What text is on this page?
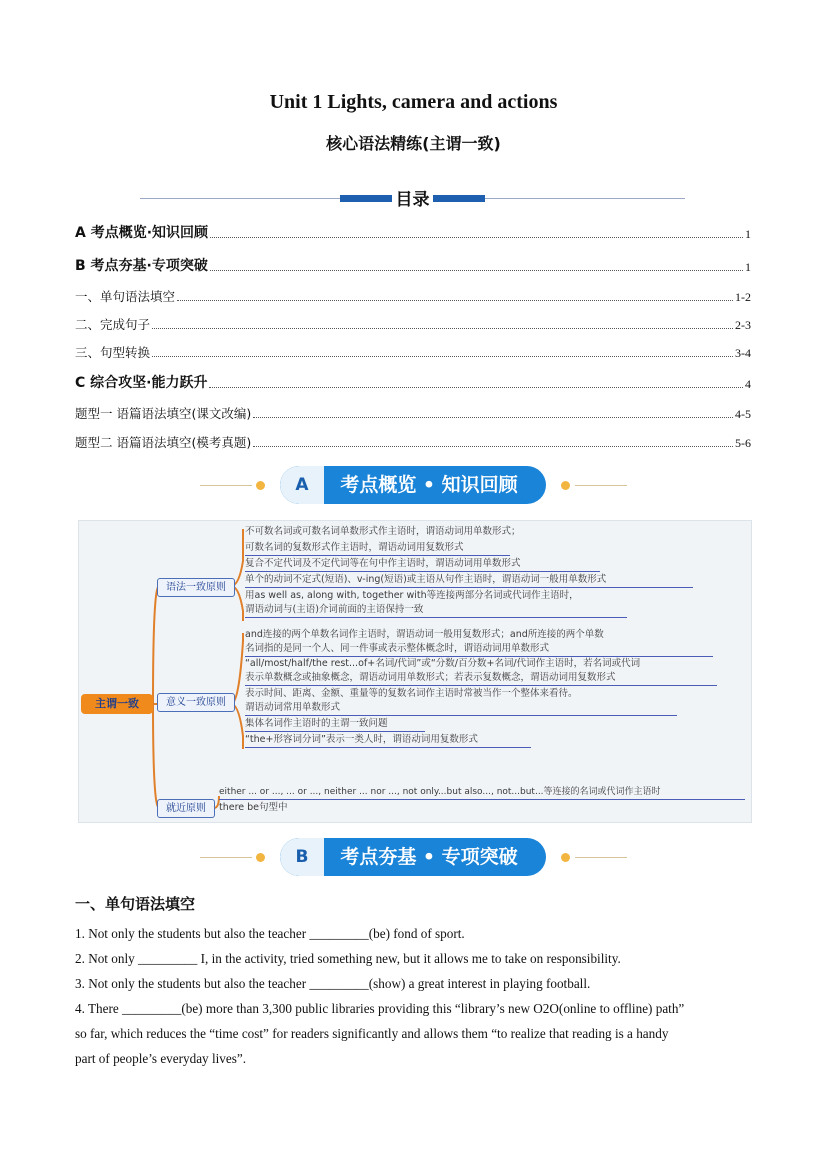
Unit 1 Lights, camera and actions
核心语法精练(主谓一致)
目录
A 考点概览·知识回顾	1
B 考点夯基·专项突破	1
一、单句语法填空	1-2
二、完成句子	2-3
三、句型转换	3-4
C 综合攻坚·能力跃升	4
题型一 语篇语法填空(课文改编)	4-5
题型二 语篇语法填空(模考真题)	5-6
A	考点概览 • 知识回顾
主谓一致
语法一致原则
意义一致原则
就近原则
不可数名词或可数名词单数形式作主语时，谓语动词用单数形式；
可数名词的复数形式作主语时，谓语动词用复数形式
复合不定代词及不定代词等在句中作主语时，谓语动词用单数形式
单个的动词不定式(短语)、v-ing(短语)或主语从句作主语时，谓语动词一般用单数形式
用as well as, along with, together with等连接两部分名词或代词作主语时，
谓语动词与(主语)介词前面的主语保持一致
and连接的两个单数名词作主语时，谓语动词一般用复数形式；and所连接的两个单数
名词指的是同一个人、同一件事或表示整体概念时，谓语动词用单数形式
“all/most/half/the rest...of+名词/代词”或“分数/百分数+名词/代词作主语时，若名词或代词
表示单数概念或抽象概念，谓语动词用单数形式；若表示复数概念，谓语动词用复数形式
表示时间、距离、金额、重量等的复数名词作主语时常被当作一个整体来看待。
谓语动词常用单数形式
集体名词作主语时的主谓一致问题
“the+形容词分词”表示一类人时，谓语动词用复数形式
either ... or ..., ... or ..., neither ... nor ..., not only...but also..., not...but...等连接的名词或代词作主语时
there be句型中
B	考点夯基 • 专项突破
一、单句语法填空
1. Not only the students but also the teacher _________(be) fond of sport.
2. Not only _________ I, in the activity, tried something new, but it allows me to take on responsibility.
3. Not only the students but also the teacher _________(show) a great interest in playing football.
4. There _________(be) more than 3,300 public libraries providing this “library’s new O2O(online to offline) path”
so far, which reduces the “time cost” for readers significantly and allows them “to realize that reading is a handy
part of people’s everyday lives”.
